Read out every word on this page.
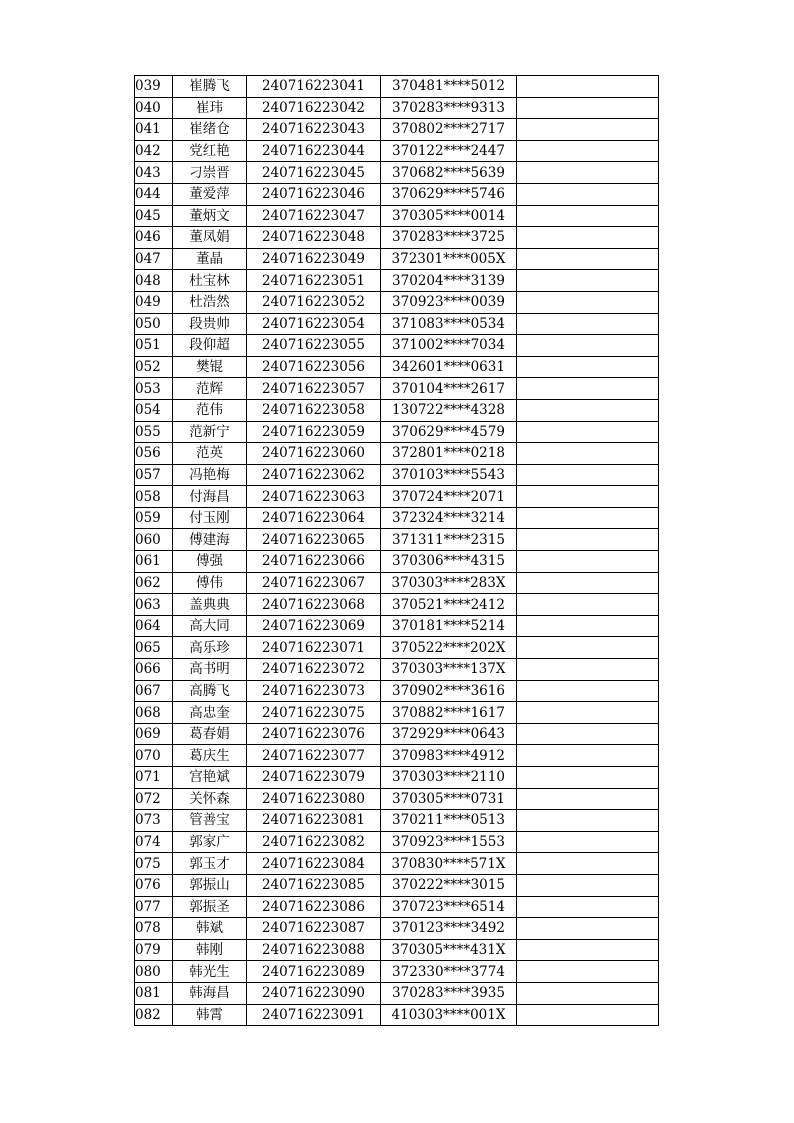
039	崔腾飞	240716223041	370481****5012	
040	崔玮	240716223042	370283****9313	
041	崔绪仓	240716223043	370802****2717	
042	党红艳	240716223044	370122****2447	
043	刁崇晋	240716223045	370682****5639	
044	董爱萍	240716223046	370629****5746	
045	董炳文	240716223047	370305****0014	
046	董凤娟	240716223048	370283****3725	
047	董晶	240716223049	372301****005X	
048	杜宝林	240716223051	370204****3139	
049	杜浩然	240716223052	370923****0039	
050	段贵帅	240716223054	371083****0534	
051	段仰超	240716223055	371002****7034	
052	樊锟	240716223056	342601****0631	
053	范辉	240716223057	370104****2617	
054	范伟	240716223058	130722****4328	
055	范新宁	240716223059	370629****4579	
056	范英	240716223060	372801****0218	
057	冯艳梅	240716223062	370103****5543	
058	付海昌	240716223063	370724****2071	
059	付玉刚	240716223064	372324****3214	
060	傅建海	240716223065	371311****2315	
061	傅强	240716223066	370306****4315	
062	傅伟	240716223067	370303****283X	
063	盖典典	240716223068	370521****2412	
064	高大同	240716223069	370181****5214	
065	高乐珍	240716223071	370522****202X	
066	高书明	240716223072	370303****137X	
067	高腾飞	240716223073	370902****3616	
068	高忠奎	240716223075	370882****1617	
069	葛春娟	240716223076	372929****0643	
070	葛庆生	240716223077	370983****4912	
071	宫艳斌	240716223079	370303****2110	
072	关怀森	240716223080	370305****0731	
073	管善宝	240716223081	370211****0513	
074	郭家广	240716223082	370923****1553	
075	郭玉才	240716223084	370830****571X	
076	郭振山	240716223085	370222****3015	
077	郭振圣	240716223086	370723****6514	
078	韩斌	240716223087	370123****3492	
079	韩刚	240716223088	370305****431X	
080	韩光生	240716223089	372330****3774	
081	韩海昌	240716223090	370283****3935	
082	韩霄	240716223091	410303****001X	
